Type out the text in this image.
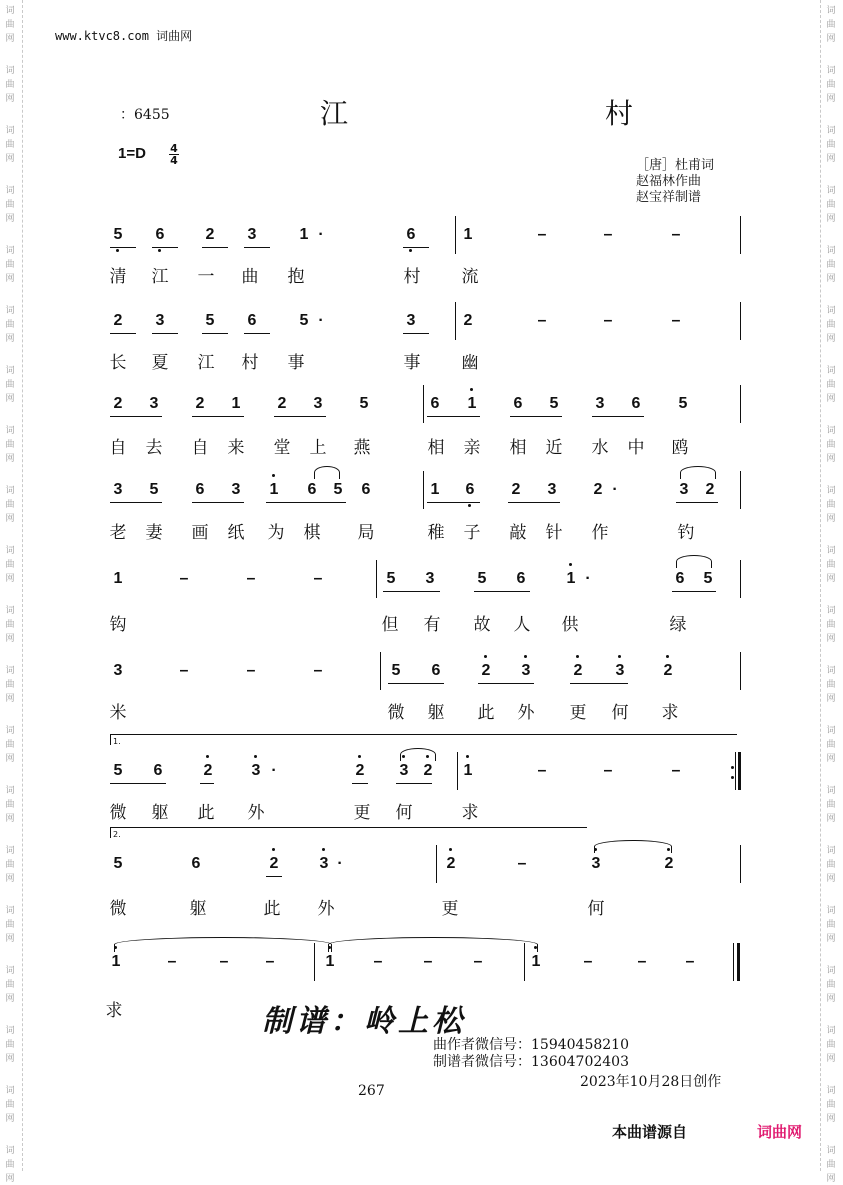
词
曲
网
词
曲
网
词
曲
网
词
曲
网
词
曲
网
词
曲
网
词
曲
网
词
曲
网
词
曲
网
词
曲
网
词
曲
网
词
曲
网
词
曲
网
词
曲
网
词
曲
网
词
曲
网
词
曲
网
词
曲
网
词
曲
网
词
曲
网
词
曲
网
词
曲
网
词
曲
网
词
曲
网
词
曲
网
词
曲
网
词
曲
网
词
曲
网
词
曲
网
词
曲
网
词
曲
网
词
曲
网
词
曲
网
词
曲
网
词
曲
网
词
曲
网
词
曲
网
词
曲
网
词
曲
网
词
曲
网
www.ktvc8.com 词曲网
：6455	江 村
1=D 4
4	［唐］杜甫词
赵福林作曲
赵宝祥制谱
5 6	2 3	1 ·	6	1	–	–	–
清 江 一 曲 抱	村 流
2 3	5 6	5 ·	3	2	–	–	–
长 夏 江 村 事	事 幽
2 3 2 1 2 3 5	6 1 6 5 3 6 5
自 去 自 来 堂 上 燕	相 亲 相 近 水 中 鸥
3 5 6 3 1 6 5 6	1 6 2 3 2 ·	3 2
老 妻 画 纸 为 棋 局	稚 子 敲 针 作	钓
1	–	–	–	5 3	5 6	1 ·	6 5
钩	但 有 故 人 供	绿
3	–	–	–	5 6	2 3	2 3 2
米	微 躯 此 外 更 何 求
5 6	2 3 ·	2 3 2 1	–	–	–
微 躯 此 外	更 何	求
1.
5	6	2	3 ·	2	–	3	2
微	躯	此 外	更	何
2.
1	–	– –	1 –	–	–	1	–	– –
求	制谱：岭上松
曲作者微信号：15940458210
制谱者微信号：13604702403
267
2023年10月28日创作
本曲谱源自	词曲网
